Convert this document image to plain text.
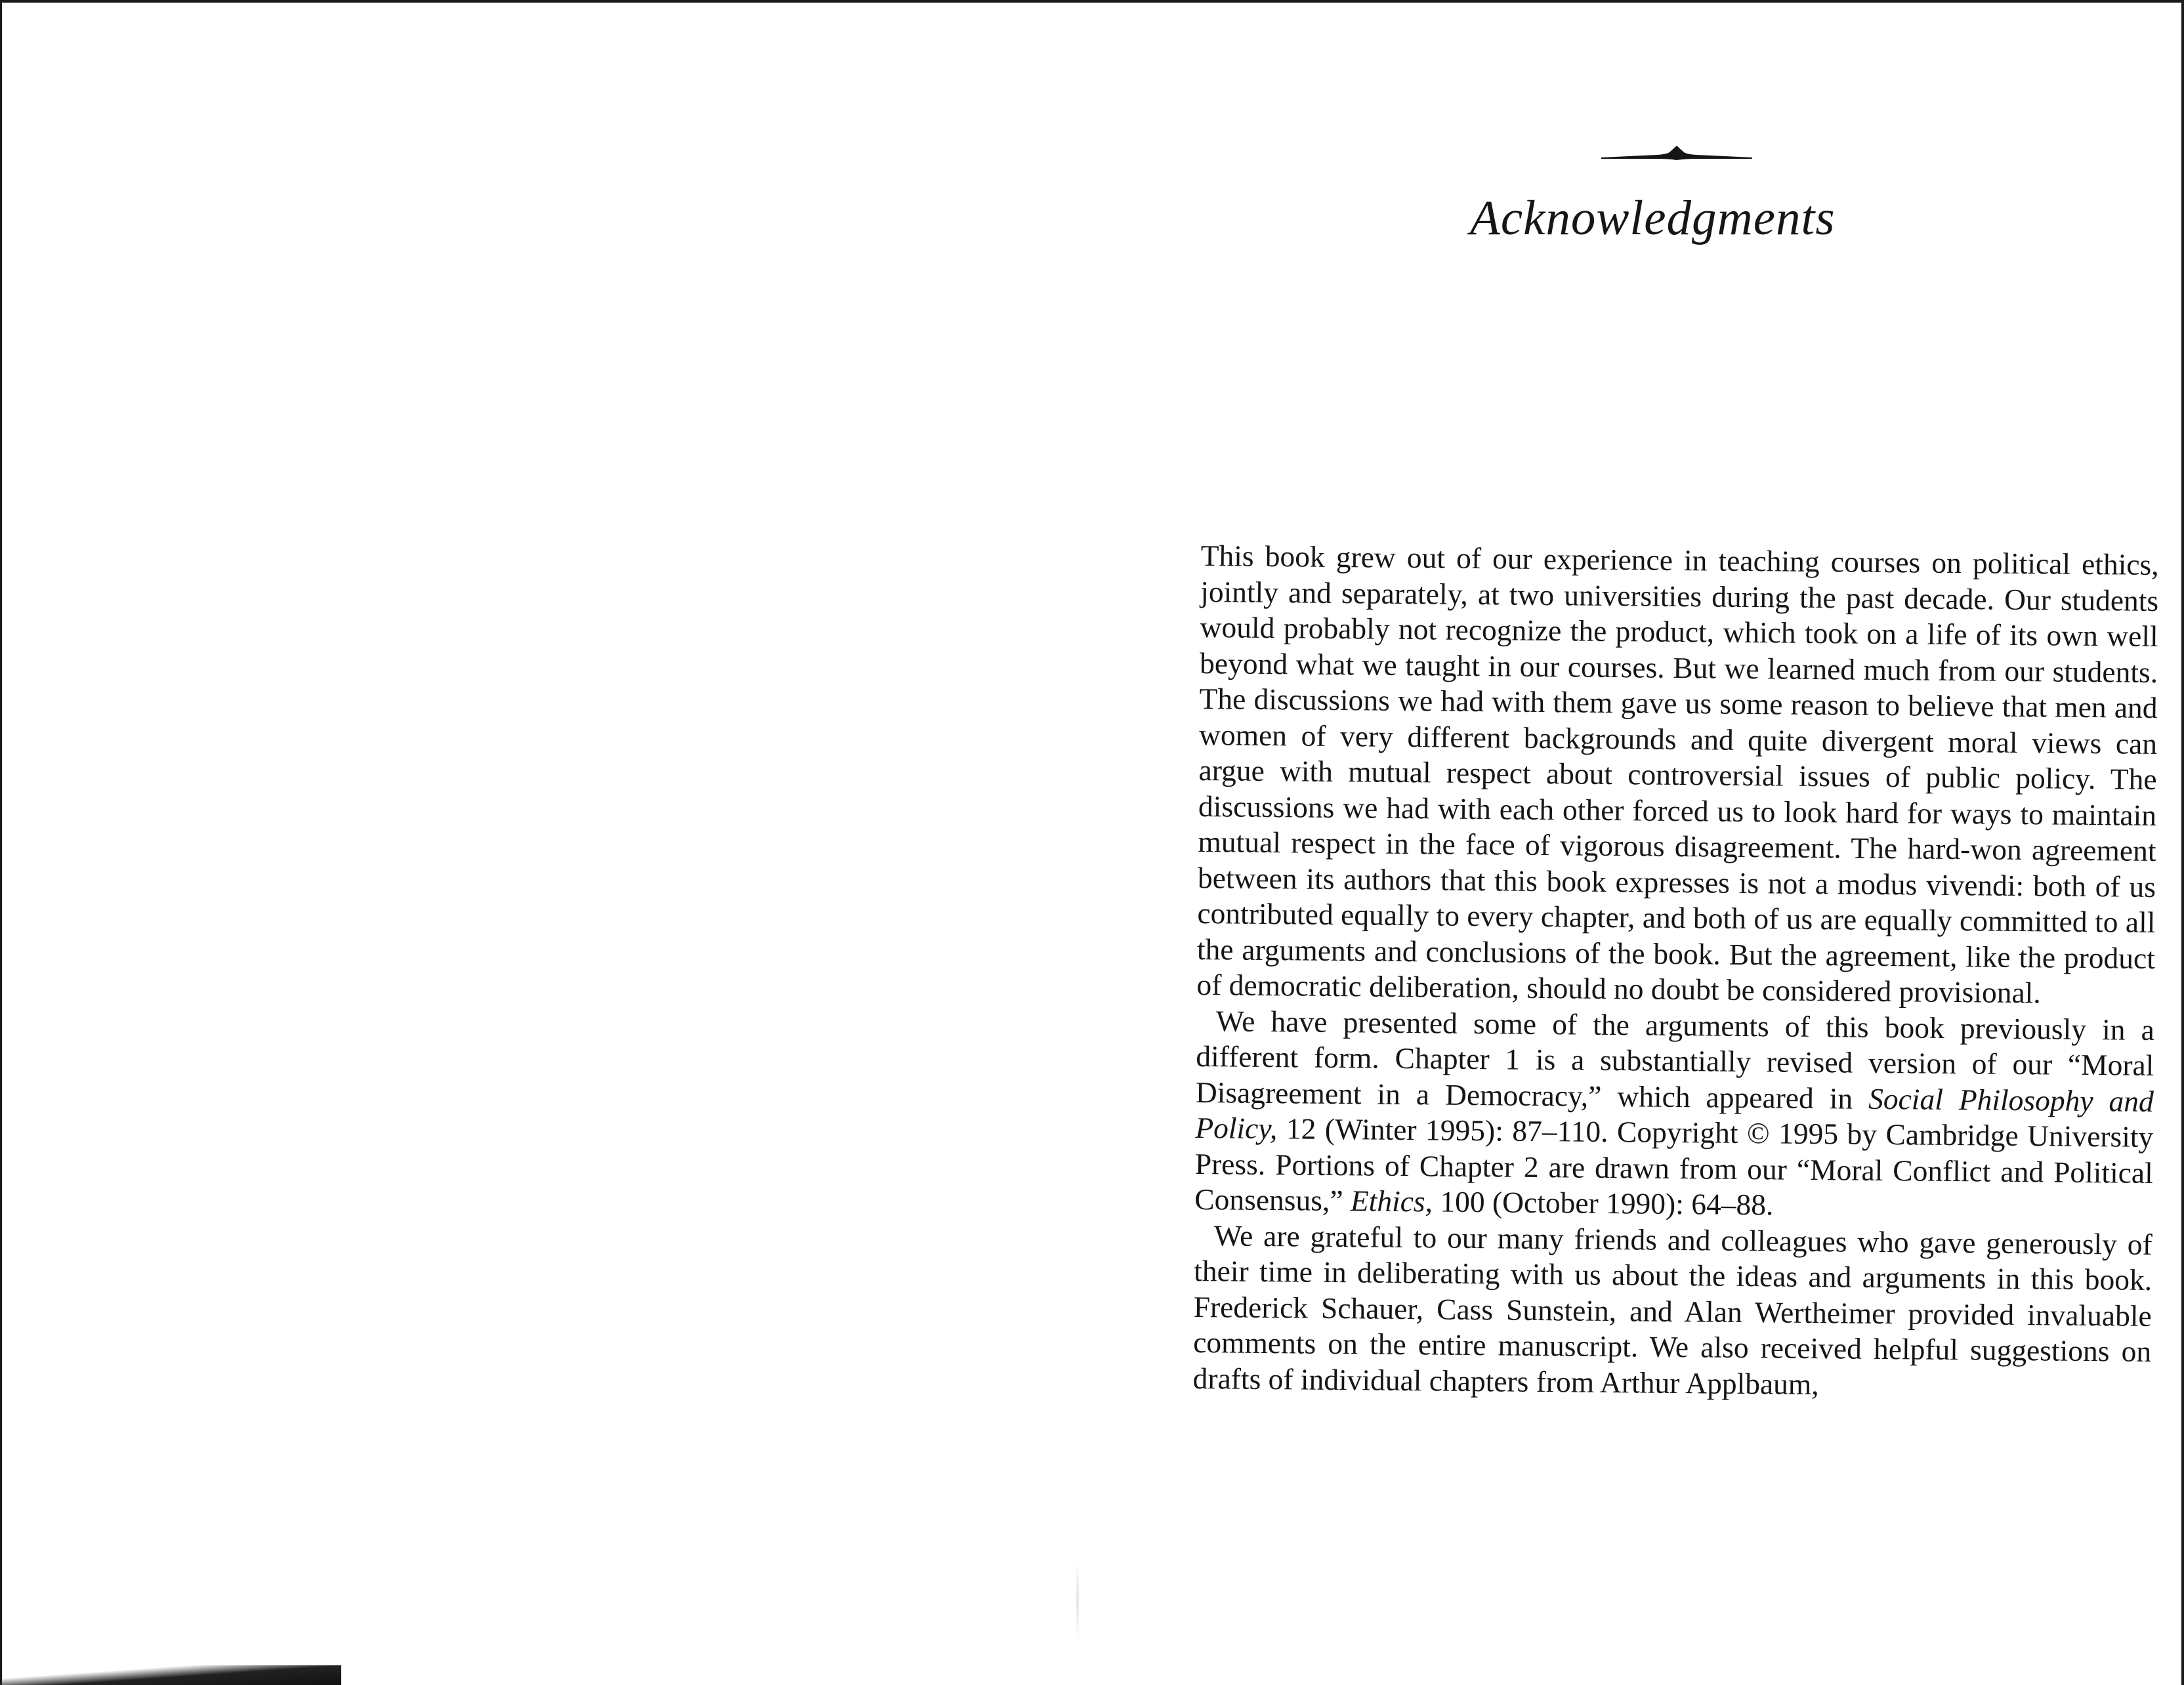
Acknowledgments

This book grew out of our experience in teaching courses on political ethics, jointly and separately, at two universities during the past decade. Our students would probably not recognize the product, which took on a life of its own well beyond what we taught in our courses. But we learned much from our students. The discussions we had with them gave us some reason to believe that men and women of very different backgrounds and quite divergent moral views can argue with mutual respect about controversial issues of public policy. The discussions we had with each other forced us to look hard for ways to maintain mutual respect in the face of vigorous disagreement. The hard-won agreement between its authors that this book expresses is not a modus vivendi: both of us contributed equally to every chapter, and both of us are equally committed to all the arguments and conclusions of the book. But the agreement, like the product of democratic deliberation, should no doubt be considered provisional.

We have presented some of the arguments of this book previously in a different form. Chapter 1 is a substantially revised version of our “Moral Disagreement in a Democracy,” which appeared in Social Philosophy and Policy, 12 (Winter 1995): 87–110. Copyright © 1995 by Cambridge University Press. Portions of Chapter 2 are drawn from our “Moral Conflict and Political Consensus,” Ethics, 100 (October 1990): 64–88.

We are grateful to our many friends and colleagues who gave generously of their time in deliberating with us about the ideas and arguments in this book. Frederick Schauer, Cass Sunstein, and Alan Wertheimer provided invaluable comments on the entire manuscript. We also received helpful suggestions on drafts of individual chapters from Arthur Applbaum,
